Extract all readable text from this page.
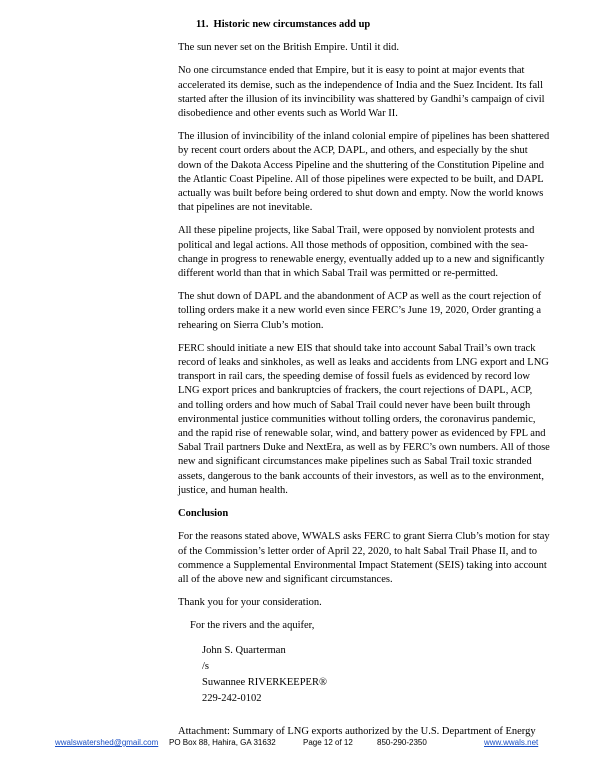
11. Historic new circumstances add up

The sun never set on the British Empire. Until it did.

No one circumstance ended that Empire, but it is easy to point at major events that accelerated its demise, such as the independence of India and the Suez Incident. Its fall started after the illusion of its invincibility was shattered by Gandhi’s campaign of civil disobedience and other events such as World War II.

The illusion of invincibility of the inland colonial empire of pipelines has been shattered by recent court orders about the ACP, DAPL, and others, and especially by the shut down of the Dakota Access Pipeline and the shuttering of the Constitution Pipeline and the Atlantic Coast Pipeline. All of those pipelines were expected to be built, and DAPL actually was built before being ordered to shut down and empty. Now the world knows that pipelines are not inevitable.

All these pipeline projects, like Sabal Trail, were opposed by nonviolent protests and political and legal actions. All those methods of opposition, combined with the sea-change in progress to renewable energy, eventually added up to a new and significantly different world than that in which Sabal Trail was permitted or re-permitted.

The shut down of DAPL and the abandonment of ACP as well as the court rejection of tolling orders make it a new world even since FERC’s June 19, 2020, Order granting a rehearing on Sierra Club’s motion.

FERC should initiate a new EIS that should take into account Sabal Trail’s own track record of leaks and sinkholes, as well as leaks and accidents from LNG export and LNG transport in rail cars, the speeding demise of fossil fuels as evidenced by record low LNG export prices and bankruptcies of frackers, the court rejections of DAPL, ACP, and tolling orders and how much of Sabal Trail could never have been built through environmental justice communities without tolling orders, the coronavirus pandemic, and the rapid rise of renewable solar, wind, and battery power as evidenced by FPL and Sabal Trail partners Duke and NextEra, as well as by FERC’s own numbers. All of those new and significant circumstances make pipelines such as Sabal Trail toxic stranded assets, dangerous to the bank accounts of their investors, as well as to the environment, justice, and human health.

Conclusion

For the reasons stated above, WWALS asks FERC to grant Sierra Club’s motion for stay of the Commission’s letter order of April 22, 2020, to halt Sabal Trail Phase II, and to commence a Supplemental Environmental Impact Statement (SEIS) taking into account all of the above new and significant circumstances.

Thank you for your consideration.

For the rivers and the aquifer,

John S. Quarterman
/s
Suwannee RIVERKEEPER®
229-242-0102

Attachment: Summary of LNG exports authorized by the U.S. Department of Energy

wwalswatershed@gmail.com PO Box 88, Hahira, GA 31632	Page 12 of 12	850-290-2350	www.wwals.net
